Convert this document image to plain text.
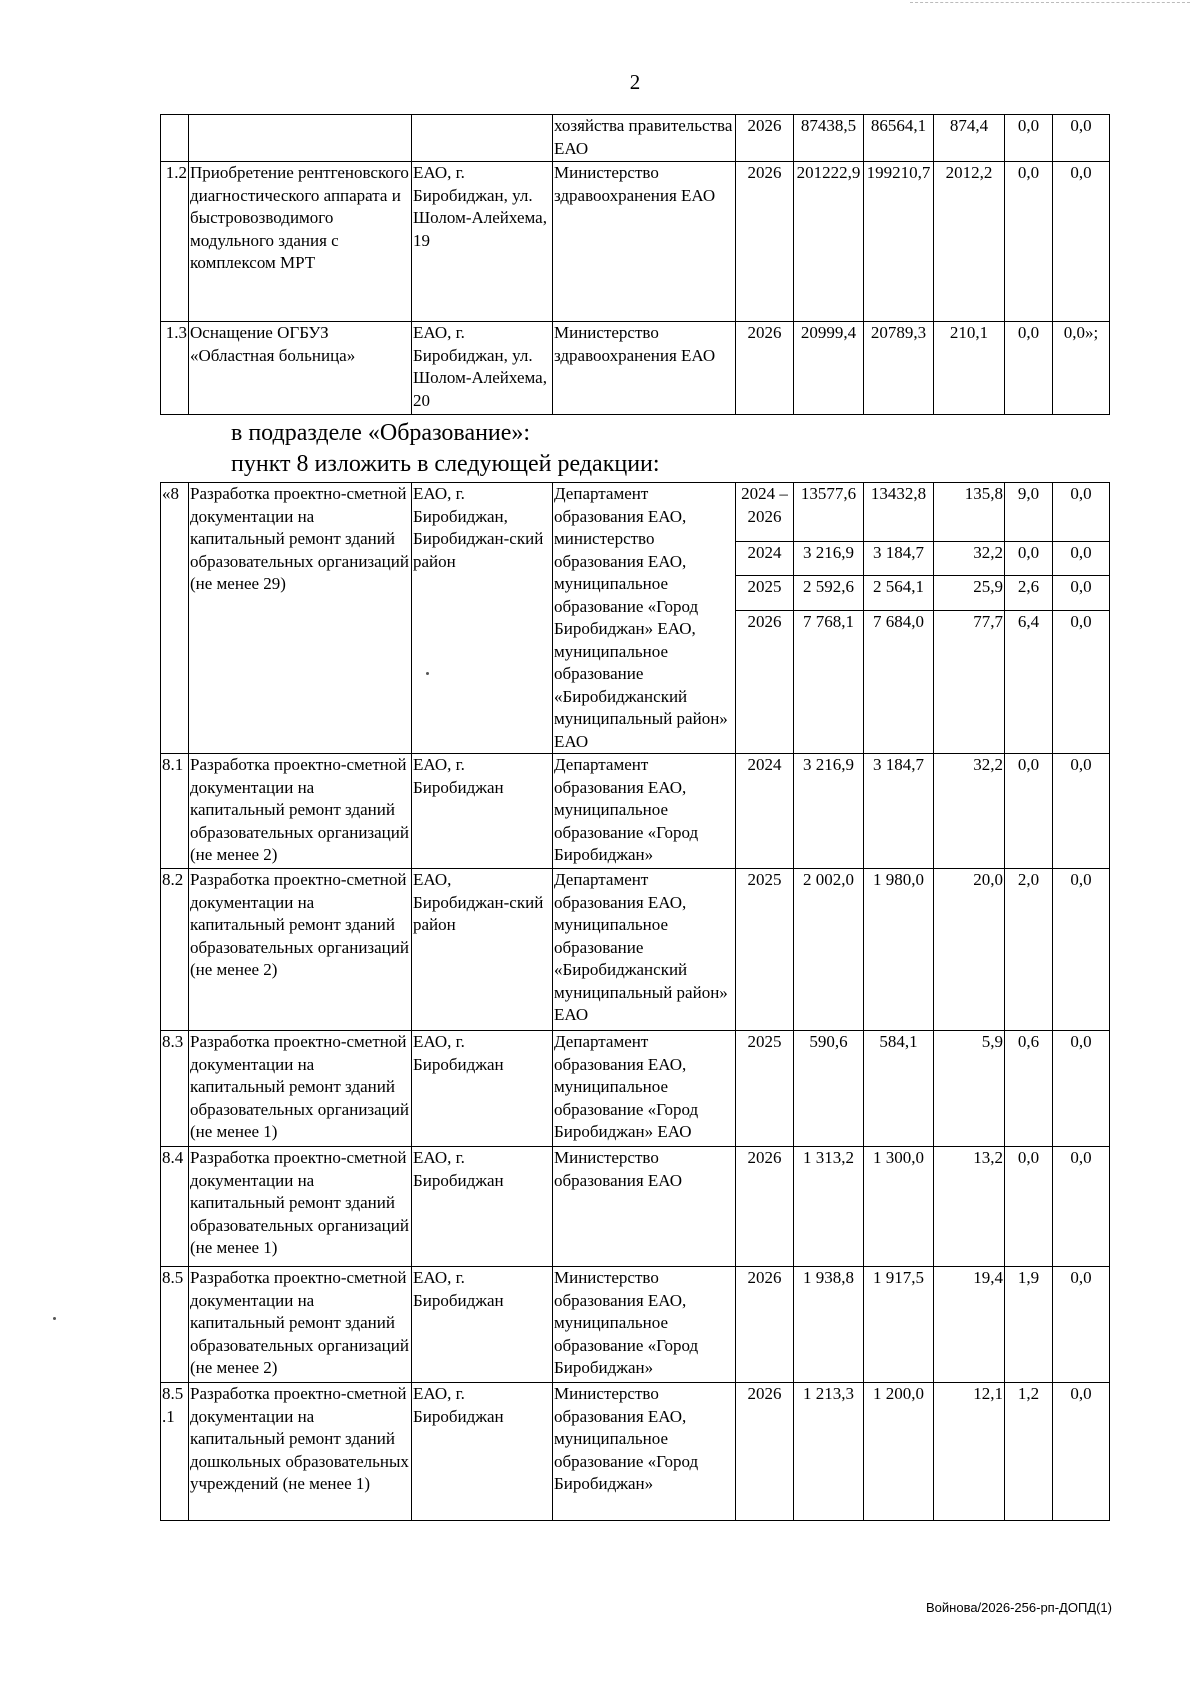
2
			хозяйства правительства ЕАО	2026	87438,5	86564,1	874,4	0,0	0,0
1.2	Приобретение рентгеновского диагностического аппарата и быстровозводимого модульного здания с комплексом МРТ	ЕАО, г. Биробиджан, ул. Шолом-Алейхема, 19	Министерство здравоохранения ЕАО	2026	201222,9	199210,7	2012,2	0,0	0,0
1.3	Оснащение ОГБУЗ «Областная больница»	ЕАО, г. Биробиджан, ул. Шолом-Алейхема, 20	Министерство здравоохранения ЕАО	2026	20999,4	20789,3	210,1	0,0	0,0»;
в подразделе «Образование»:
пункт 8 изложить в следующей редакции:
«8	Разработка проектно-сметной документации на капитальный ремонт зданий образовательных организаций (не менее 29)	ЕАО, г. Биробиджан, Биробиджан-ский район	Департамент образования ЕАО, министерство образования ЕАО, муниципальное образование «Город Биробиджан» ЕАО, муниципальное образование «Биробиджанский муниципальный район» ЕАО	2024 – 2026	13577,6	13432,8	135,8	9,0	0,0
				2024	3 216,9	3 184,7	32,2	0,0	0,0
				2025	2 592,6	2 564,1	25,9	2,6	0,0
				2026	7 768,1	7 684,0	77,7	6,4	0,0
8.1	Разработка проектно-сметной документации на капитальный ремонт зданий образовательных организаций (не менее 2)	ЕАО, г. Биробиджан	Департамент образования ЕАО, муниципальное образование «Город Биробиджан»	2024	3 216,9	3 184,7	32,2	0,0	0,0
8.2	Разработка проектно-сметной документации на капитальный ремонт зданий образовательных организаций (не менее 2)	ЕАО, Биробиджан-ский район	Департамент образования ЕАО, муниципальное образование «Биробиджанский муниципальный район» ЕАО	2025	2 002,0	1 980,0	20,0	2,0	0,0
8.3	Разработка проектно-сметной документации на капитальный ремонт зданий образовательных организаций (не менее 1)	ЕАО, г. Биробиджан	Департамент образования ЕАО, муниципальное образование «Город Биробиджан» ЕАО	2025	590,6	584,1	5,9	0,6	0,0
8.4	Разработка проектно-сметной документации на капитальный ремонт зданий образовательных организаций (не менее 1)	ЕАО, г. Биробиджан	Министерство образования ЕАО	2026	1 313,2	1 300,0	13,2	0,0	0,0
8.5	Разработка проектно-сметной документации на капитальный ремонт зданий образовательных организаций (не менее 2)	ЕАО, г. Биробиджан	Министерство образования ЕАО, муниципальное образование «Город Биробиджан»	2026	1 938,8	1 917,5	19,4	1,9	0,0
8.5 .1	Разработка проектно-сметной документации на капитальный ремонт зданий дошкольных образовательных учреждений (не менее 1)	ЕАО, г. Биробиджан	Министерство образования ЕАО, муниципальное образование «Город Биробиджан»	2026	1 213,3	1 200,0	12,1	1,2	0,0
Войнова/2026-256-рп-ДОПД(1)
